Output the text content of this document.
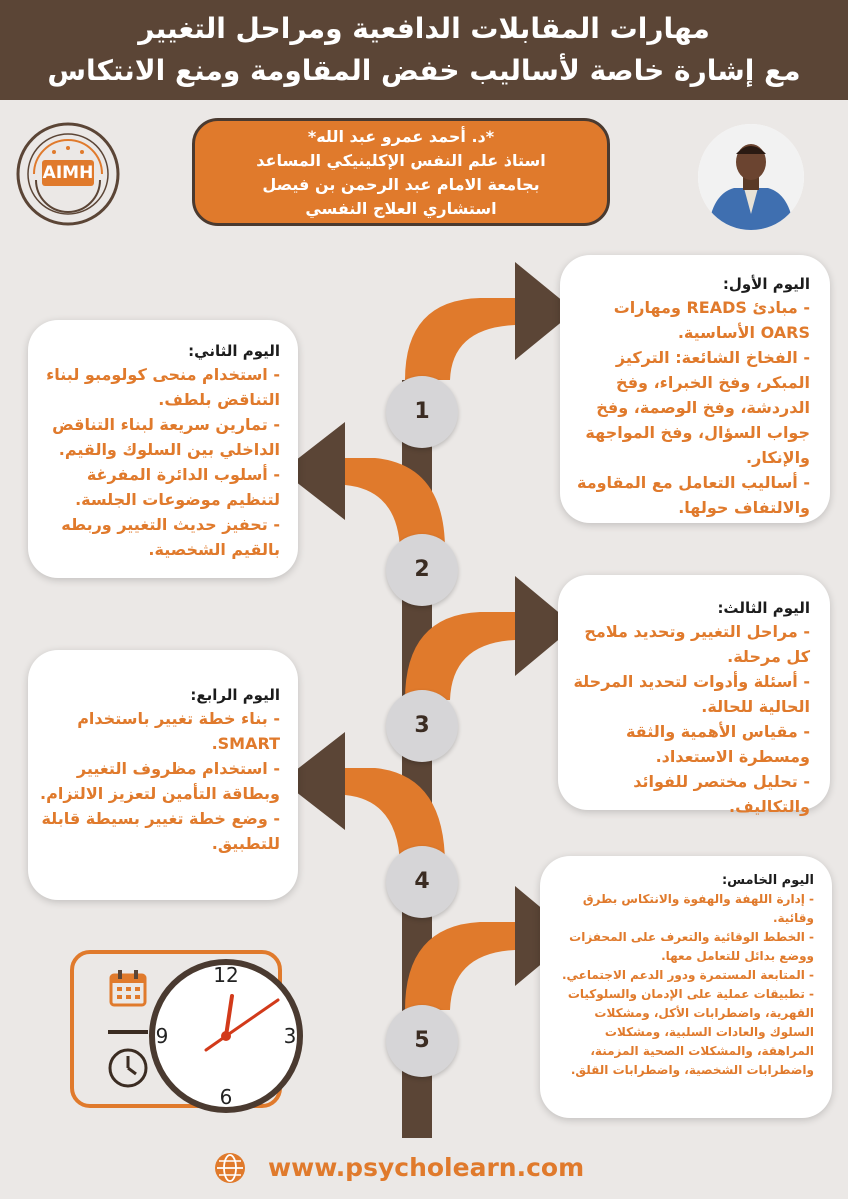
مهارات المقابلات الدافعية ومراحل التغيير
مع إشارة خاصة لأساليب خفض المقاومة ومنع الانتكاس
AIMH
*د. أحمد عمرو عبد الله*
استاذ علم النفس الإكلينيكي المساعد
بجامعة الامام عبد الرحمن بن فيصل
استشاري العلاج النفسي
1
2
3
4
5
اليوم الأول:
- مبادئ READS ومهارات OARS الأساسية.
- الفخاخ الشائعة: التركيز المبكر، وفخ الخبراء، وفخ الدردشة، وفخ الوصمة، وفخ جواب السؤال، وفخ المواجهة والإنكار.
- أساليب التعامل مع المقاومة والالتفاف حولها.
اليوم الثاني:
- استخدام منحى كولومبو لبناء التناقض بلطف.
- تمارين سريعة لبناء التناقض الداخلي بين السلوك والقيم.
- أسلوب الدائرة المفرغة لتنظيم موضوعات الجلسة.
- تحفيز حديث التغيير وربطه بالقيم الشخصية.
اليوم الثالث:
- مراحل التغيير وتحديد ملامح كل مرحلة.
- أسئلة وأدوات لتحديد المرحلة الحالية للحالة.
- مقياس الأهمية والثقة ومسطرة الاستعداد.
- تحليل مختصر للفوائد والتكاليف.
اليوم الرابع:
- بناء خطة تغيير باستخدام SMART.
- استخدام مظروف التغيير وبطاقة التأمين لتعزيز الالتزام.
- وضع خطة تغيير بسيطة قابلة للتطبيق.
اليوم الخامس:
- إدارة اللهفة والهفوة والانتكاس بطرق وقائية.
- الخطط الوقائية والتعرف على المحفزات ووضع بدائل للتعامل معها.
- المتابعة المستمرة ودور الدعم الاجتماعي.
- تطبيقات عملية على الإدمان والسلوكيات القهرية، واضطرابات الأكل، ومشكلات السلوك والعادات السلبية، ومشكلات المراهقة، والمشكلات الصحية المزمنة، واضطرابات الشخصية، واضطرابات القلق.
12
3
6
9
www.psycholearn.com
